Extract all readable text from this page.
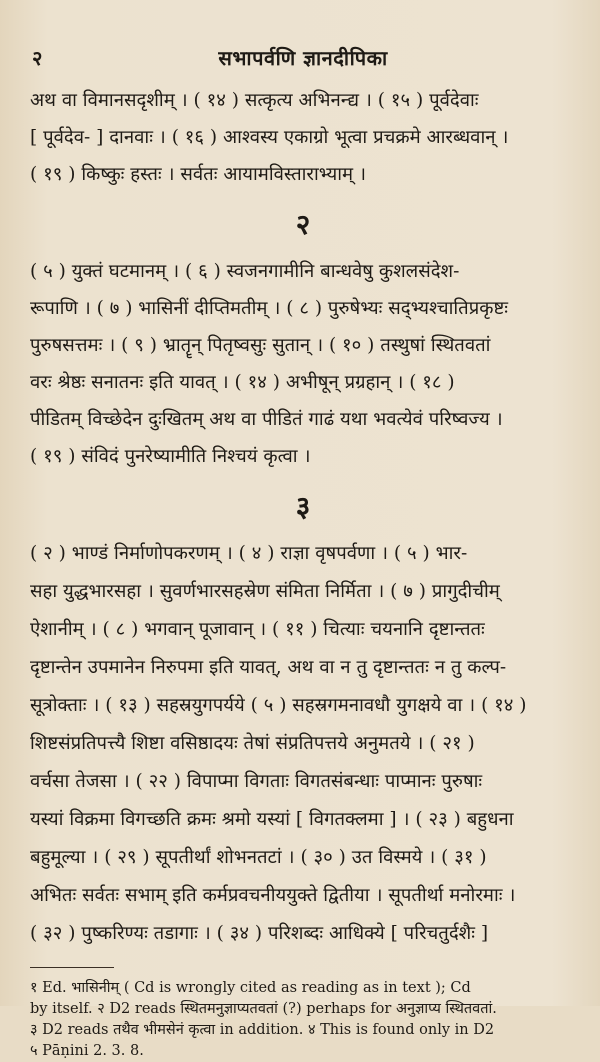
२	सभापर्वणि ज्ञानदीपिका
अथ वा विमानसदृशीम् । ( १४ ) सत्कृत्य अभिनन्द्य । ( १५ ) पूर्वदेवाः
[ पूर्वदेव- ] दानवाः । ( १६ ) आश्वस्य एकाग्रो भूत्वा प्रचक्रमे आरब्धवान् ।
( १९ ) किष्कुः हस्तः । सर्वतः आयामविस्ताराभ्याम् ।
२
( ५ ) युक्तं घटमानम् । ( ६ ) स्वजनगामीनि बान्धवेषु कुशलसंदेश-
रूपाणि । ( ७ ) भासिनीं दीप्तिमतीम् । ( ८ ) पुरुषेभ्यः सद्भ्यश्चातिप्रकृष्टः
पुरुषसत्तमः । ( ९ ) भ्रातॄन् पितृष्वसुः सुतान् । ( १० ) तस्थुषां स्थितवतां
वरः श्रेष्ठः सनातनः इति यावत् । ( १४ ) अभीषून् प्रग्रहान् । ( १८ )
पीडितम् विच्छेदेन दुःखितम् अथ वा पीडितं गाढं यथा भवत्येवं परिष्वज्य ।
( १९ ) संविदं पुनरेष्यामीति निश्चयं कृत्वा ।
३
( २ ) भाण्डं निर्माणोपकरणम् । ( ४ ) राज्ञा वृषपर्वणा । ( ५ ) भार-
सहा युद्धभारसहा । सुवर्णभारसहस्रेण संमिता निर्मिता । ( ७ ) प्रागुदीचीम्
ऐशानीम् । ( ८ ) भगवान् पूजावान् । ( ११ ) चित्याः चयनानि दृष्टान्ततः
दृष्टान्तेन उपमानेन निरुपमा इति यावत्, अथ वा न तु दृष्टान्ततः न तु कल्प-
सूत्रोक्ताः । ( १३ ) सहस्रयुगपर्यये ( ५ ) सहस्रगमनावधौ युगक्षये वा । ( १४ )
शिष्टसंप्रतिपत्त्यै शिष्टा वसिष्ठादयः तेषां संप्रतिपत्तये अनुमतये । ( २१ )
वर्चसा तेजसा । ( २२ ) विपाप्मा विगताः विगतसंबन्धाः पाप्मानः पुरुषाः
यस्यां विक्रमा विगच्छति क्रमः श्रमो यस्यां [ विगतक्लमा ] । ( २३ ) बहुधना
बहुमूल्या । ( २९ ) सूपतीर्थां शोभनतटां । ( ३० ) उत विस्मये । ( ३१ )
अभितः सर्वतः सभाम् इति कर्मप्रवचनीययुक्ते द्वितीया । सूपतीर्था मनोरमाः ।
( ३२ ) पुष्करिण्यः तडागाः । ( ३४ ) परिशब्दः आधिक्ये [ परिचतुर्दशैः ]
१ Ed. भासिनीम् ( Cd is wrongly cited as reading as in text ); Cd
by itself. २ D2 reads स्थितमनुज्ञाप्यतवतां (?) perhaps for अनुज्ञाप्य स्थितवतां.
३ D2 reads तथैव भीमसेनं कृत्वा in addition. ४ This is found only in D2
५ Pāṇini 2. 3. 8.
